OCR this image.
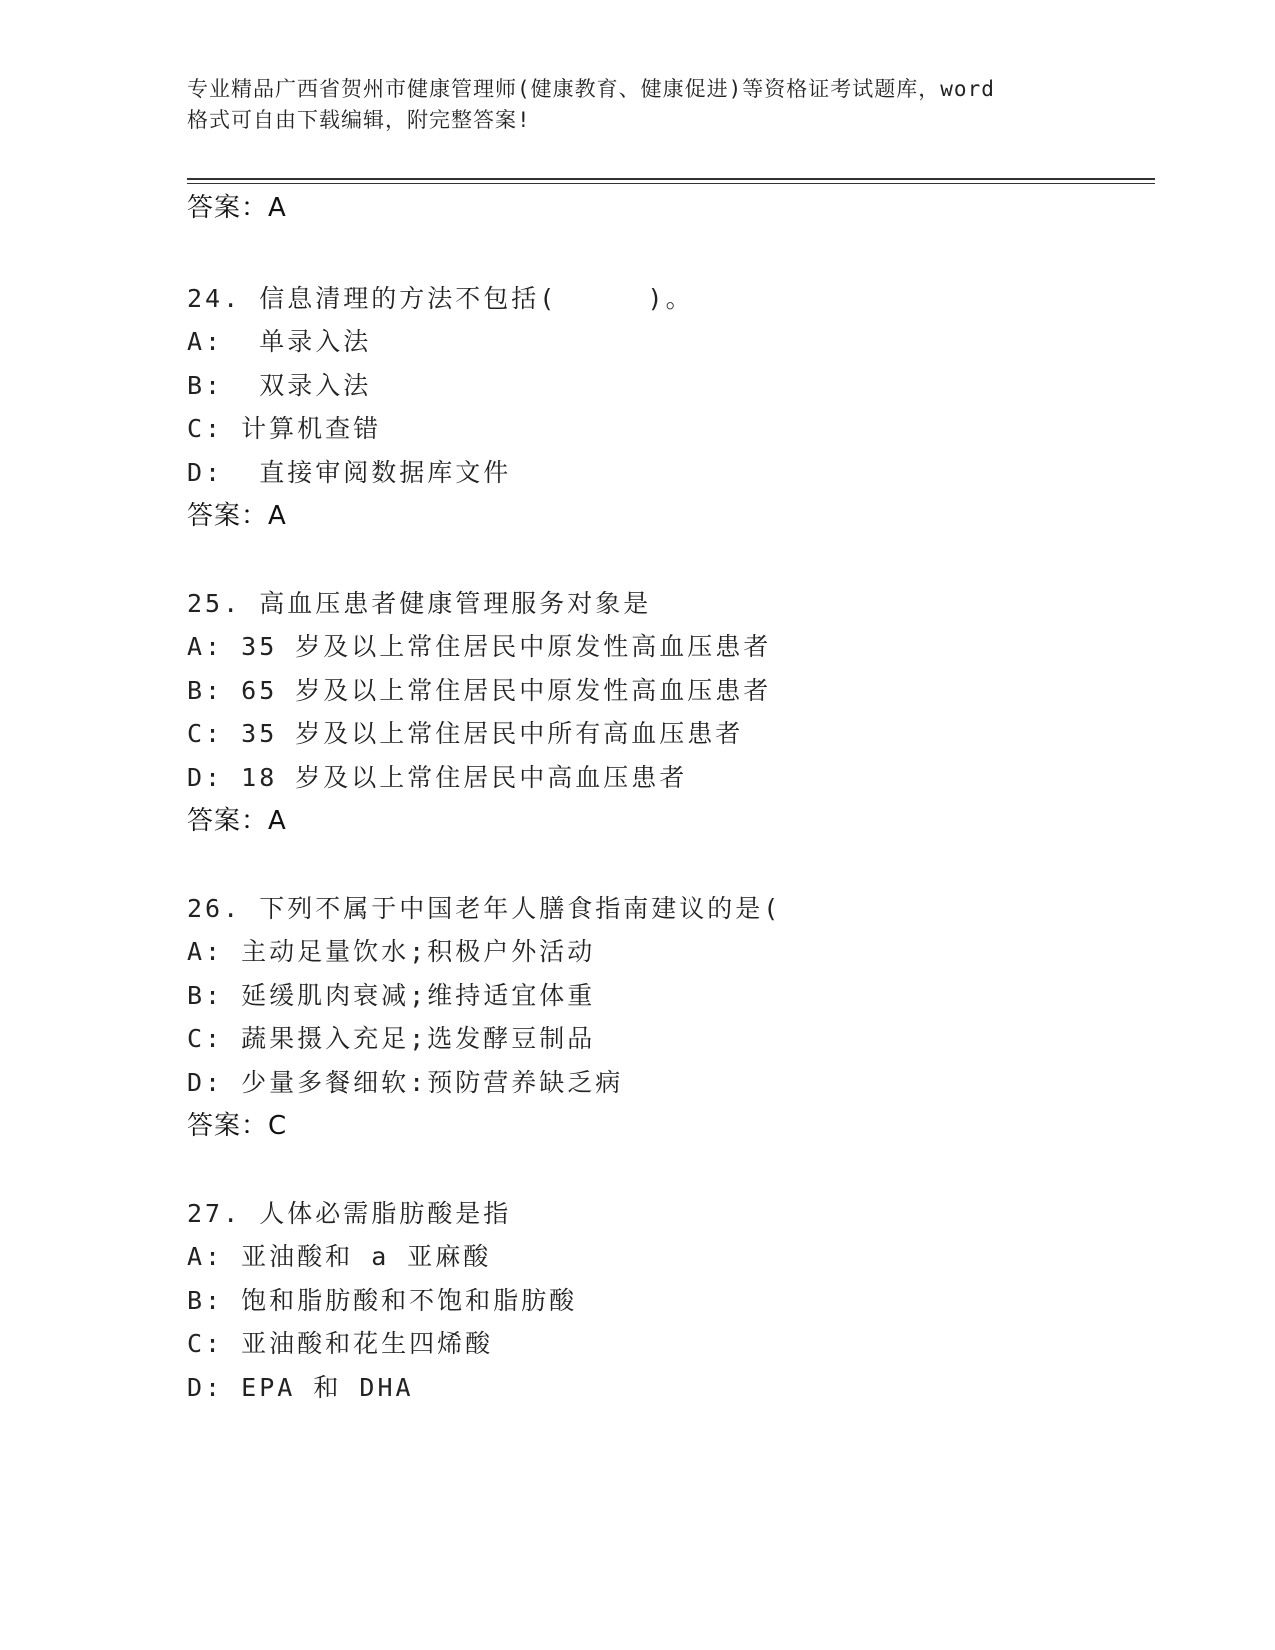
专业精品广西省贺州市健康管理师(健康教育、健康促进)等资格证考试题库，word
格式可自由下载编辑，附完整答案!
答案：A
24. 信息清理的方法不包括(     )。
A:  单录入法
B:  双录入法
C: 计算机查错
D:  直接审阅数据库文件
答案：A
25. 高血压患者健康管理服务对象是
A: 35 岁及以上常住居民中原发性高血压患者
B: 65 岁及以上常住居民中原发性高血压患者
C: 35 岁及以上常住居民中所有高血压患者
D: 18 岁及以上常住居民中高血压患者
答案：A
26. 下列不属于中国老年人膳食指南建议的是(
A: 主动足量饮水;积极户外活动
B: 延缓肌肉衰减;维持适宜体重
C: 蔬果摄入充足;选发酵豆制品
D: 少量多餐细软:预防营养缺乏病
答案：C
27. 人体必需脂肪酸是指
A: 亚油酸和 a 亚麻酸
B: 饱和脂肪酸和不饱和脂肪酸
C: 亚油酸和花生四烯酸
D: EPA 和 DHA
